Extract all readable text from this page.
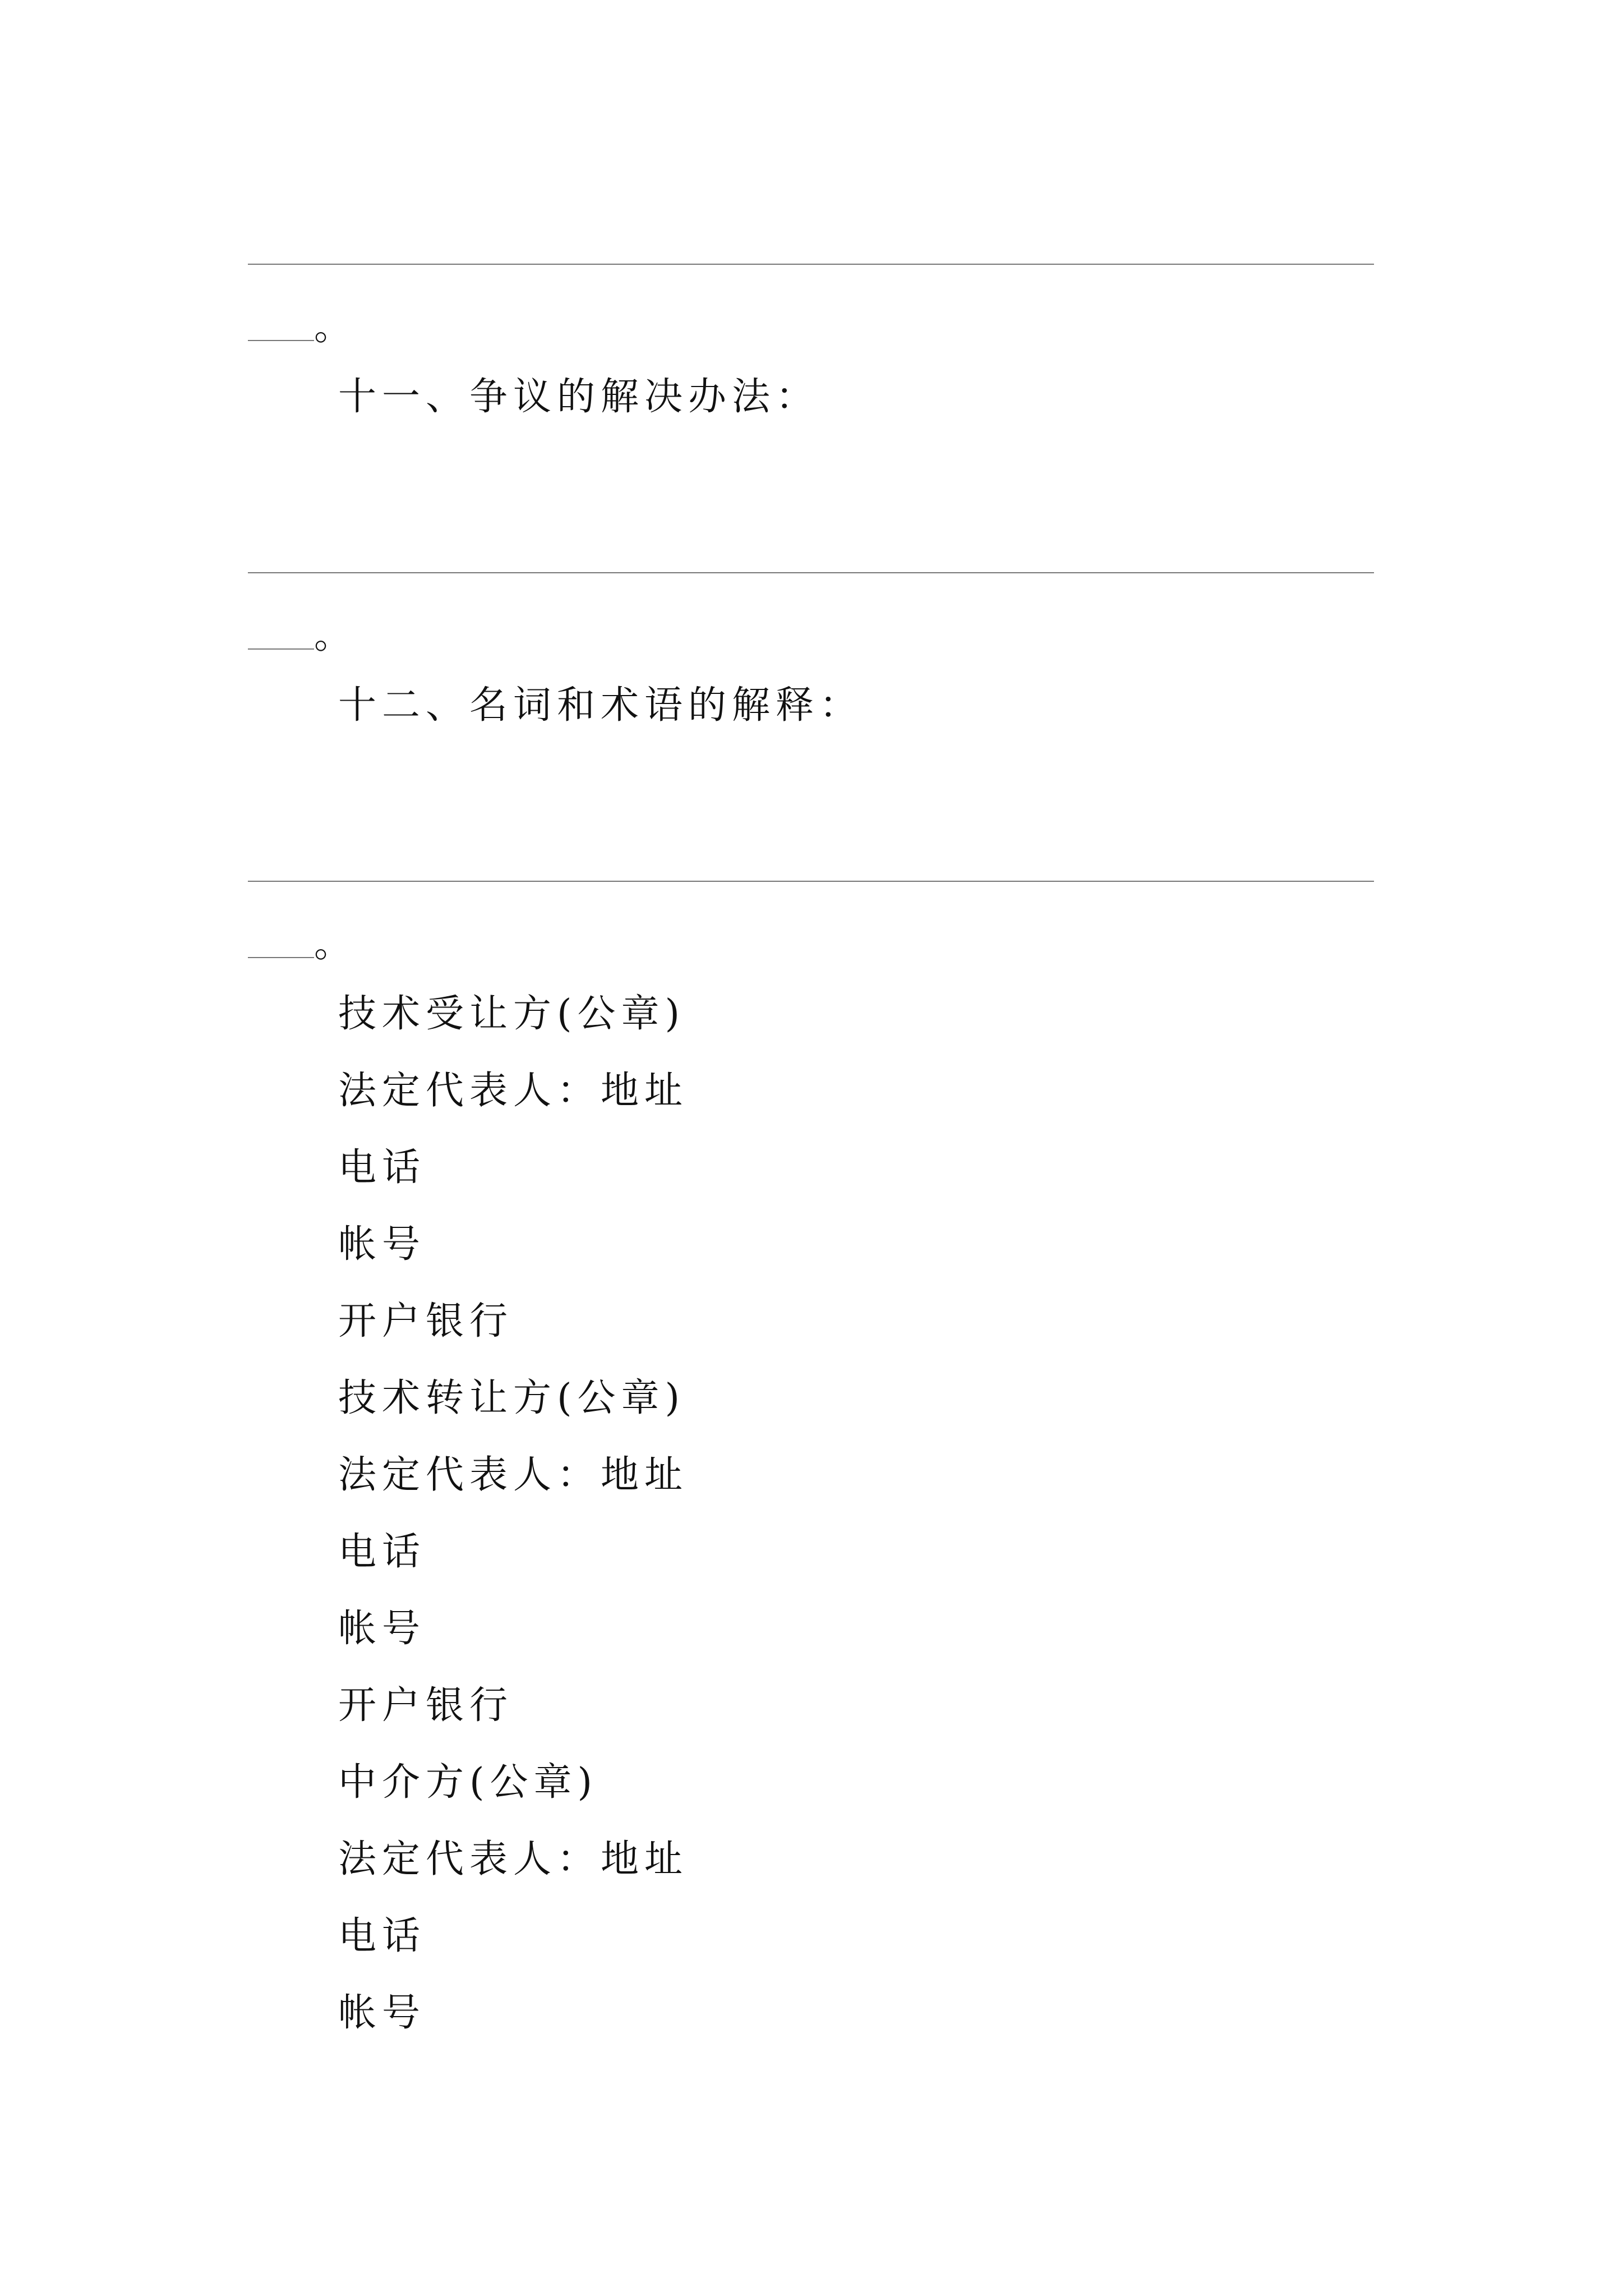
。
十一、争议的解决办法：
。
十二、名词和术语的解释：
。
技术受让方(公章)
法定代表人：地址
电话
帐号
开户银行
技术转让方(公章)
法定代表人：地址
电话
帐号
开户银行
中介方(公章)
法定代表人：地址
电话
帐号
